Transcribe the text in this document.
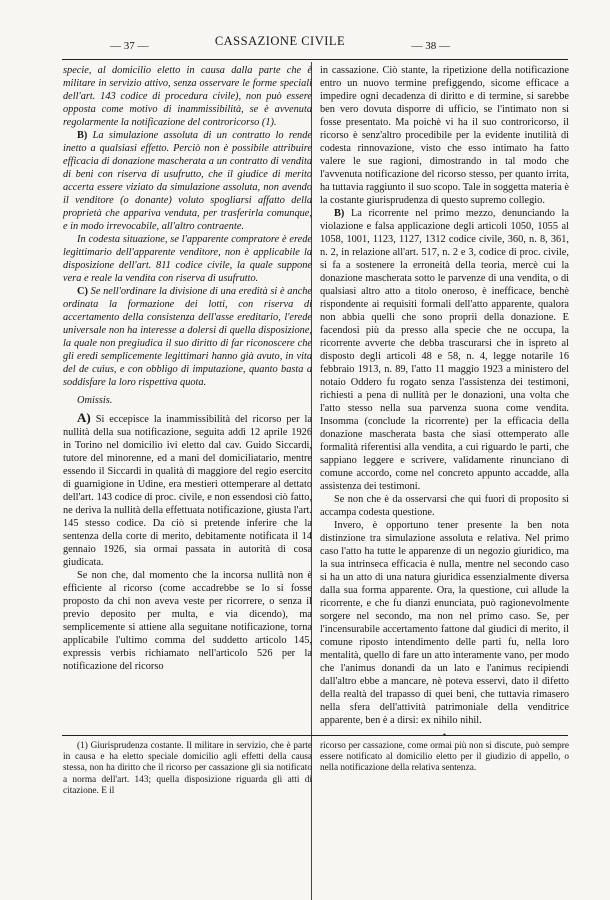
— 37 —	CASSAZIONE CIVILE	— 38 —

specie, al domicilio eletto in causa dalla parte che è militare in servizio attivo, senza osservare le forme speciali dell'art. 143 codice di procedura civile), non può essere opposta come motivo di inammissibilità, se è avvenuta regolarmente la notificazione del controricorso (1).

B) La simulazione assoluta di un contratto lo rende inetto a qualsiasi effetto. Perciò non è possibile attribuire efficacia di donazione mascherata a un contratto di vendita di beni con riserva di usufrutto, che il giudice di merito accerta essere viziato da simulazione assoluta, non avendo il venditore (o donante) voluto spogliarsi affatto della proprietà che appariva venduta, per trasferirla comunque, e in modo irrevocabile, all'altro contraente.

In codesta situazione, se l'apparente compratore è erede legittimario dell'apparente venditore, non è applicabile la disposizione dell'art. 811 codice civile, la quale suppone vera e reale la vendita con riserva di usufrutto.

C) Se nell'ordinare la divisione di una eredità si è anche ordinata la formazione dei lotti, con riserva di accertamento della consistenza dell'asse ereditario, l'erede universale non ha interesse a dolersi di quella disposizione, la quale non pregiudica il suo diritto di far riconoscere che gli eredi semplicemente legittimari hanno già avuto, in vita del de cuius, e con obbligo di imputazione, quanto basta a soddisfare la loro rispettiva quota.

Omissis.

A) Si eccepisce la inammissibilità del ricorso per la nullità della sua notificazione, seguita addì 12 aprile 1926 in Torino nel domicilio ivi eletto dal cav. Guido Siccardi, tutore del minorenne, ed a mani del domiciliatario, mentre essendo il Siccardi in qualità di maggiore del regio esercito di guarnigione in Udine, era mestieri ottemperare al dettato dell'art. 143 codice di proc. civile, e non essendosi ciò fatto, ne deriva la nullità della effettuata notificazione, giusta l'art. 145 stesso codice. Da ciò si pretende inferire che la sentenza della corte di merito, debitamente notificata il 14 gennaio 1926, sia ormai passata in autorità di cosa giudicata.

Se non che, dal momento che la incorsa nullità non è efficiente al ricorso (come accadrebbe se lo si fosse proposto da chi non aveva veste per ricorrere, o senza il previo deposito per multa, e via dicendo), ma semplicemente si attiene alla seguitane notificazione, torna applicabile l'ultimo comma del suddetto articolo 145, expressis verbis richiamato nell'articolo 526 per la notificazione del ricorso

in cassazione. Ciò stante, la ripetizione della notificazione entro un nuovo termine prefiggendo, sicome efficace a impedire ogni decadenza di diritto e di termine, si sarebbe ben vero dovuta disporre di ufficio, se l'intimato non si fosse presentato. Ma poichè vi ha il suo controricorso, il ricorso è senz'altro procedibile per la evidente inutilità di codesta rinnovazione, visto che esso intimato ha fatto valere le sue ragioni, dimostrando in tal modo che l'avvenuta notificazione del ricorso stesso, per quanto irrita, ha tuttavia raggiunto il suo scopo. Tale in soggetta materia è la costante giurisprudenza di questo supremo collegio.

B) La ricorrente nel primo mezzo, denunciando la violazione e falsa applicazione degli articoli 1050, 1055 al 1058, 1001, 1123, 1127, 1312 codice civile, 360, n. 8, 361, n. 2, in relazione all'art. 517, n. 2 e 3, codice di proc. civile, si fa a sostenere la erroneità della teoria, mercè cui la donazione mascherata sotto le parvenze di una vendita, o di qualsiasi altro atto a titolo oneroso, è inefficace, benchè rispondente ai requisiti formali dell'atto apparente, qualora non abbia quelli che sono proprii della donazione. E facendosi più da presso alla specie che ne occupa, la ricorrente avverte che debba trascurarsi che in ispreto al disposto degli articoli 48 e 58, n. 4, legge notarile 16 febbraio 1913, n. 89, l'atto 11 maggio 1923 a ministero del notaio Oddero fu rogato senza l'assistenza dei testimoni, richiesti a pena di nullità per le donazioni, una volta che l'atto stesso nella sua parvenza suona come vendita. Insomma (conclude la ricorrente) per la efficacia della donazione mascherata basta che siasi ottemperato alle formalità riferentisi alla vendita, a cui riguardo le parti, che sappiano leggere e scrivere, validamente rinunciano di comune accordo, come nel concreto appunto accadde, alla assistenza dei testimoni.

Se non che è da osservarsi che qui fuori di proposito si accampa codesta questione.

Invero, è opportuno tener presente la ben nota distinzione tra simulazione assoluta e relativa. Nel primo caso l'atto ha tutte le apparenze di un negozio giuridico, ma la sua intrinseca efficacia è nulla, mentre nel secondo caso si ha un atto di una natura giuridica essenzialmente diversa dalla sua forma apparente. Ora, la questione, cui allude la ricorrente, e che fu dianzi enunciata, può ragionevolmente sorgere nel secondo, ma non nel primo caso. Se, per l'incensurabile accertamento fattone dal giudici di merito, il comune riposto intendimento delle parti fu, nella loro mentalità, quello di fare un atto interamente vano, per modo che l'animus donandi da un lato e l'animus recipiendi dall'altro ebbe a mancare, nè poteva esservi, dato il difetto della realtà del trapasso di quei beni, che tuttavia rimasero nella sfera dell'attività patrimoniale della venditrice apparente, ben è a dirsi: ex nihilo nihil.

•

(1) Giurisprudenza costante. Il militare in servizio, che è parte in causa e ha eletto speciale domicilio agli effetti della causa stessa, non ha diritto che il ricorso per cassazione gli sia notificato a norma dell'art. 143; quella disposizione riguarda gli atti di citazione. E il

ricorso per cassazione, come ormai più non si discute, può sempre essere notificato al domicilio eletto per il giudizio di appello, o nella notificazione della relativa sentenza.
